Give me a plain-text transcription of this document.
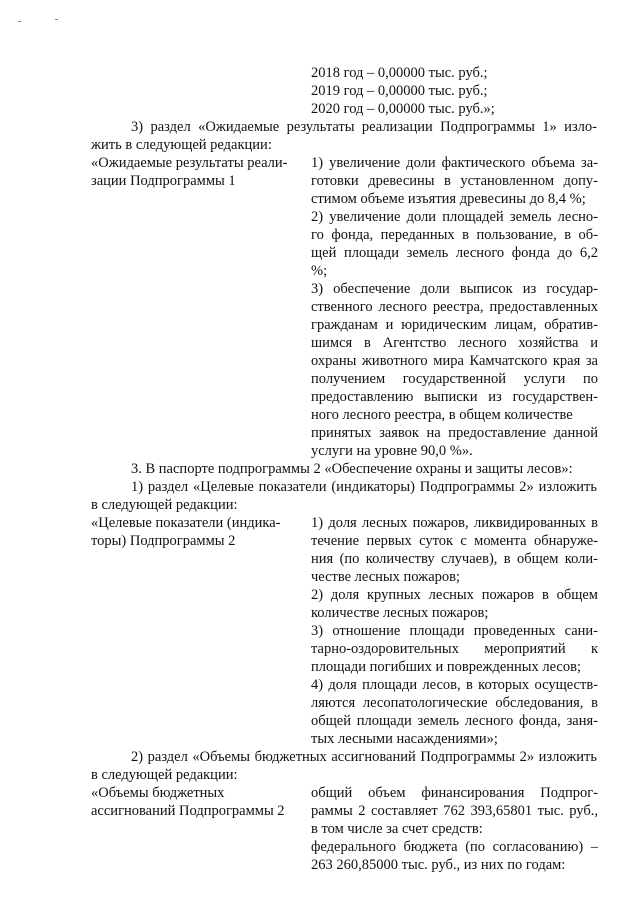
2018 год – 0,00000 тыс. руб.;
2019 год – 0,00000 тыс. руб.;
2020 год – 0,00000 тыс. руб.»;
3) раздел «Ожидаемые результаты реализации Подпрограммы 1» изло-
жить в следующей редакции:
«Ожидаемые результаты реали-
зации Подпрограммы 1
1) увеличение доли фактического объема за-
готовки древесины в установленном допу-
стимом объеме изъятия древесины до 8,4 %;
2) увеличение доли площадей земель лесно-
го фонда, переданных в пользование, в об-
щей площади земель лесного фонда до 6,2
%;
3) обеспечение доли выписок из государ-
ственного лесного реестра, предоставленных
гражданам и юридическим лицам, обратив-
шимся в Агентство лесного хозяйства и
охраны животного мира Камчатского края за
получением государственной услуги по
предоставлению выписки из государствен-
ного лесного реестра, в общем количестве
принятых заявок на предоставление данной
услуги на уровне 90,0 %».
3. В паспорте подпрограммы 2 «Обеспечение охраны и защиты лесов»:
1) раздел «Целевые показатели (индикаторы) Подпрограммы 2» изложить
в следующей редакции:
«Целевые показатели (индика-
торы) Подпрограммы 2
1) доля лесных пожаров, ликвидированных в
течение первых суток с момента обнаруже-
ния (по количеству случаев), в общем коли-
честве лесных пожаров;
2) доля крупных лесных пожаров в общем
количестве лесных пожаров;
3) отношение площади проведенных сани-
тарно-оздоровительных мероприятий к
площади погибших и поврежденных лесов;
4) доля площади лесов, в которых осуществ-
ляются лесопатологические обследования, в
общей площади земель лесного фонда, заня-
тых лесными насаждениями»;
2) раздел «Объемы бюджетных ассигнований Подпрограммы 2» изложить
в следующей редакции:
«Объемы бюджетных
ассигнований Подпрограммы 2
общий объем финансирования Подпрог-
раммы 2 составляет 762 393,65801 тыс. руб.,
в том числе за счет средств:
федерального бюджета (по согласованию) –
263 260,85000 тыс. руб., из них по годам:
